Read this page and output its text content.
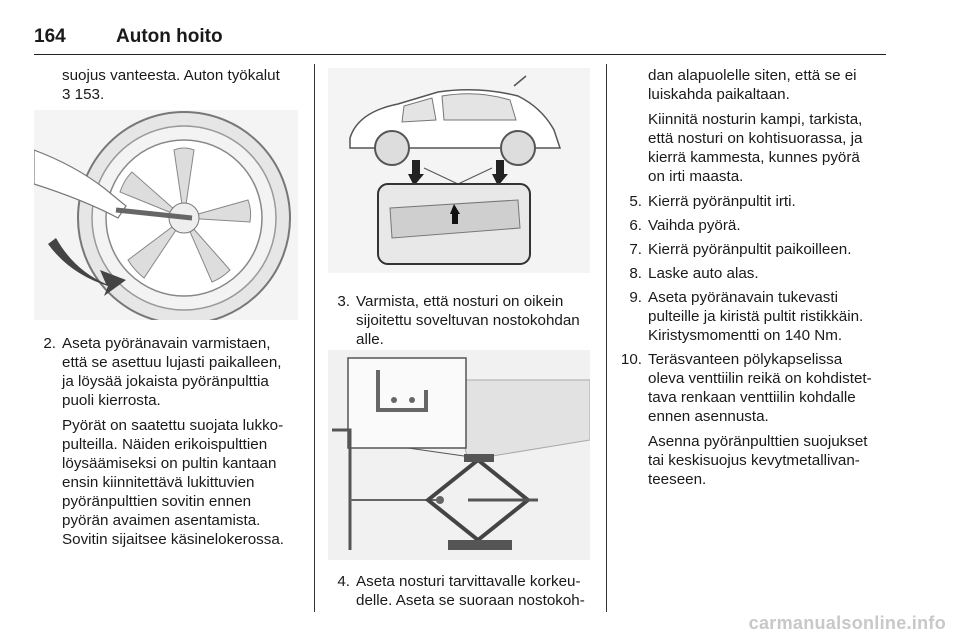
164	Auton hoito

suojus vanteesta. Auton työkalut

3 153.

2. Aseta pyöränavain varmistaen,

että se asettuu lujasti paikalleen,

ja löysää jokaista pyöränpulttia

puoli kierrosta.

Pyörät on saatettu suojata lukko-

pulteilla. Näiden erikoispulttien

löysäämiseksi on pultin kantaan

ensin kiinnitettävä lukittuvien

pyöränpulttien sovitin ennen

pyörän avaimen asentamista.

Sovitin sijaitsee käsinelokerossa.

3. Varmista, että nosturi on oikein

sijoitettu soveltuvan nostokohdan

alle.

4. Aseta nosturi tarvittavalle korkeu-

delle. Aseta se suoraan nostokoh-

dan alapuolelle siten, että se ei

luiskahda paikaltaan.

Kiinnitä nosturin kampi, tarkista,

että nosturi on kohtisuorassa, ja

kierrä kammesta, kunnes pyörä

on irti maasta.

5. Kierrä pyöränpultit irti.

6. Vaihda pyörä.

7. Kierrä pyöränpultit paikoilleen.

8. Laske auto alas.

9. Aseta pyöränavain tukevasti

pulteille ja kiristä pultit ristikkäin.

Kiristysmomentti on 140 Nm.

10. Teräsvanteen pölykapselissa

oleva venttiilin reikä on kohdistet-

tava renkaan venttiilin kohdalle

ennen asennusta.

Asenna pyöränpulttien suojukset

tai keskisuojus kevytmetallivan-

teeseen.

carmanualsonline.info
